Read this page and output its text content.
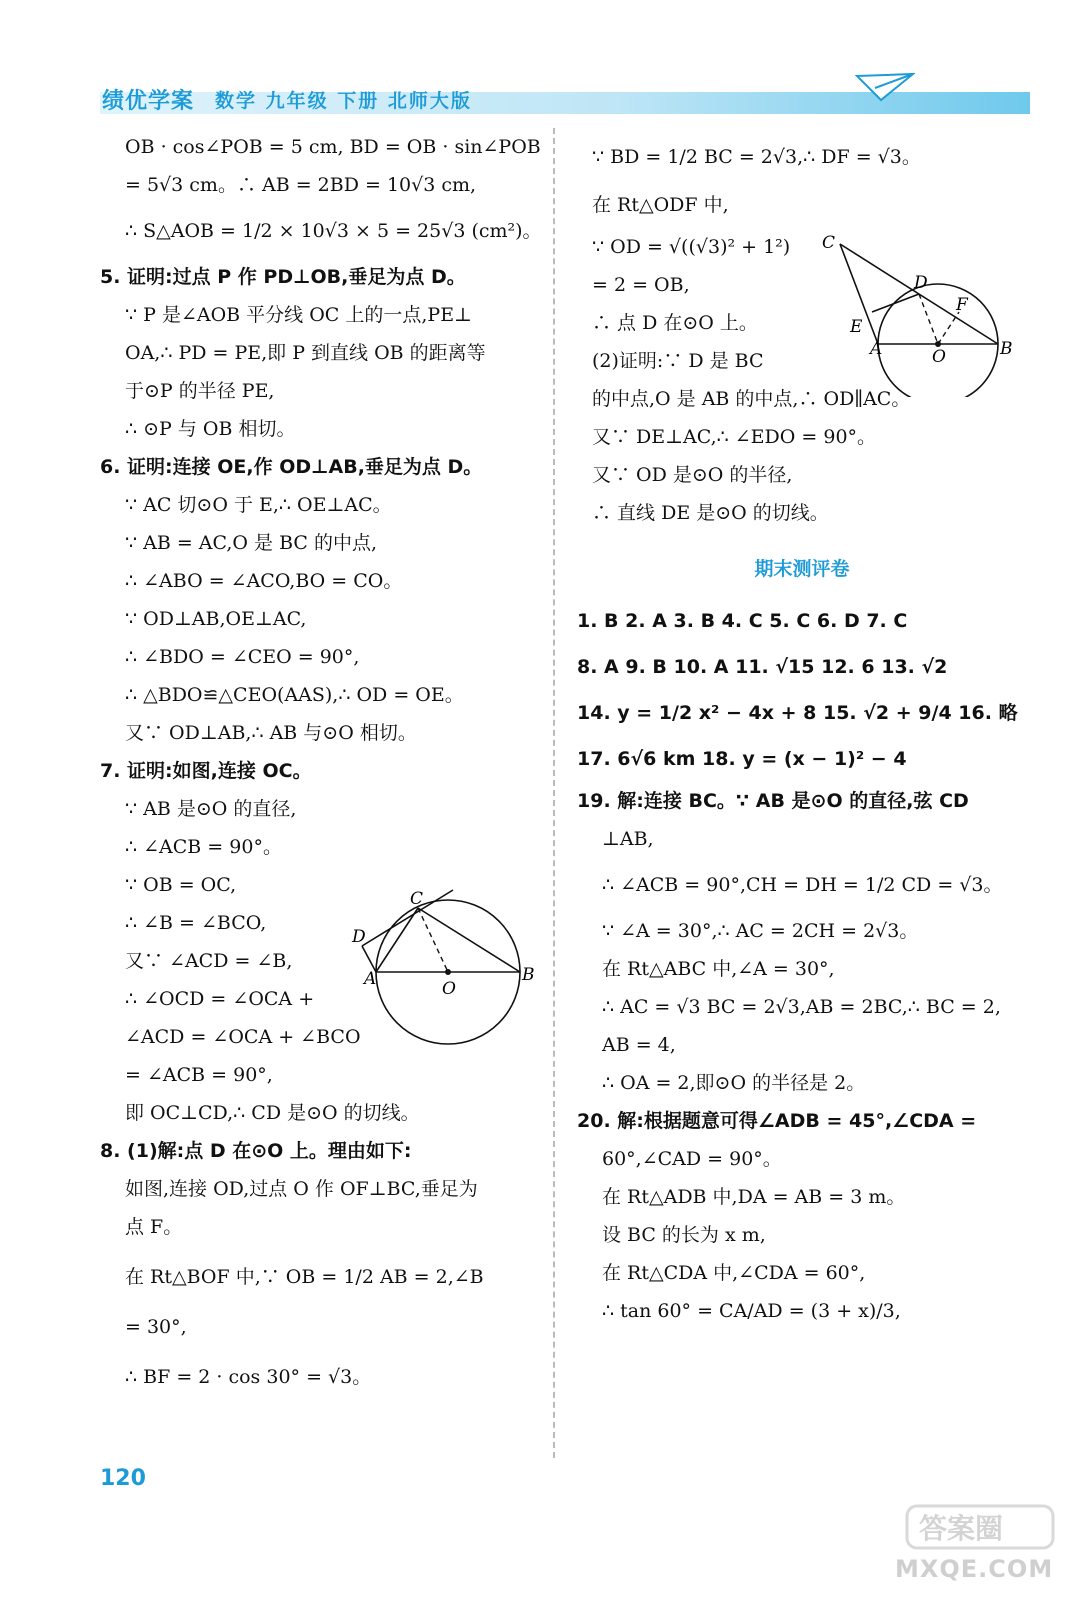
绩优学案 数学 九年级 下册 北师大版
OB · cos∠POB = 5 cm, BD = OB · sin∠POB
= 5√3 cm。∴ AB = 2BD = 10√3 cm,
∴ S△AOB = 1/2 × 10√3 × 5 = 25√3 (cm²)。
5. 证明:过点 P 作 PD⊥OB,垂足为点 D。
∵ P 是∠AOB 平分线 OC 上的一点,PE⊥
OA,∴ PD = PE,即 P 到直线 OB 的距离等
于⊙P 的半径 PE,
∴ ⊙P 与 OB 相切。
6. 证明:连接 OE,作 OD⊥AB,垂足为点 D。
∵ AC 切⊙O 于 E,∴ OE⊥AC。
∵ AB = AC,O 是 BC 的中点,
∴ ∠ABO = ∠ACO,BO = CO。
∵ OD⊥AB,OE⊥AC,
∴ ∠BDO = ∠CEO = 90°,
∴ △BDO≌△CEO(AAS),∴ OD = OE。
又∵ OD⊥AB,∴ AB 与⊙O 相切。
7. 证明:如图,连接 OC。
∵ AB 是⊙O 的直径,
∴ ∠ACB = 90°。
∵ OB = OC,
∴ ∠B = ∠BCO,
又∵ ∠ACD = ∠B,
∴ ∠OCD = ∠OCA +
∠ACD = ∠OCA + ∠BCO
= ∠ACB = 90°,
即 OC⊥CD,∴ CD 是⊙O 的切线。
8. (1)解:点 D 在⊙O 上。理由如下:
如图,连接 OD,过点 O 作 OF⊥BC,垂足为
点 F。
在 Rt△BOF 中,∵ OB = 1/2 AB = 2,∠B
= 30°,
∴ BF = 2 · cos 30° = √3。
∵ BD = 1/2 BC = 2√3,∴ DF = √3。
在 Rt△ODF 中,
∵ OD = √((√3)² + 1²)
= 2 = OB,
∴ 点 D 在⊙O 上。
(2)证明:∵ D 是 BC
的中点,O 是 AB 的中点,∴ OD∥AC。
又∵ DE⊥AC,∴ ∠EDO = 90°。
又∵ OD 是⊙O 的半径,
∴ 直线 DE 是⊙O 的切线。
期末测评卷
1. B 2. A 3. B 4. C 5. C 6. D 7. C
8. A 9. B 10. A 11. √15 12. 6 13. √2
14. y = 1/2 x² − 4x + 8 15. √2 + 9/4 16. 略
17. 6√6 km 18. y = (x − 1)² − 4
19. 解:连接 BC。∵ AB 是⊙O 的直径,弦 CD
⊥AB,
∴ ∠ACB = 90°,CH = DH = 1/2 CD = √3。
∵ ∠A = 30°,∴ AC = 2CH = 2√3。
在 Rt△ABC 中,∠A = 30°,
∴ AC = √3 BC = 2√3,AB = 2BC,∴ BC = 2,
AB = 4,
∴ OA = 2,即⊙O 的半径是 2。
20. 解:根据题意可得∠ADB = 45°,∠CDA =
60°,∠CAD = 90°。
在 Rt△ADB 中,DA = AB = 3 m。
设 BC 的长为 x m,
在 Rt△CDA 中,∠CDA = 60°,
∴ tan 60° = CA/AD = (3 + x)/3,
C
D
E
F
A	O	B
C
D
A	O
B
120
答案圈
MXQE.COM
